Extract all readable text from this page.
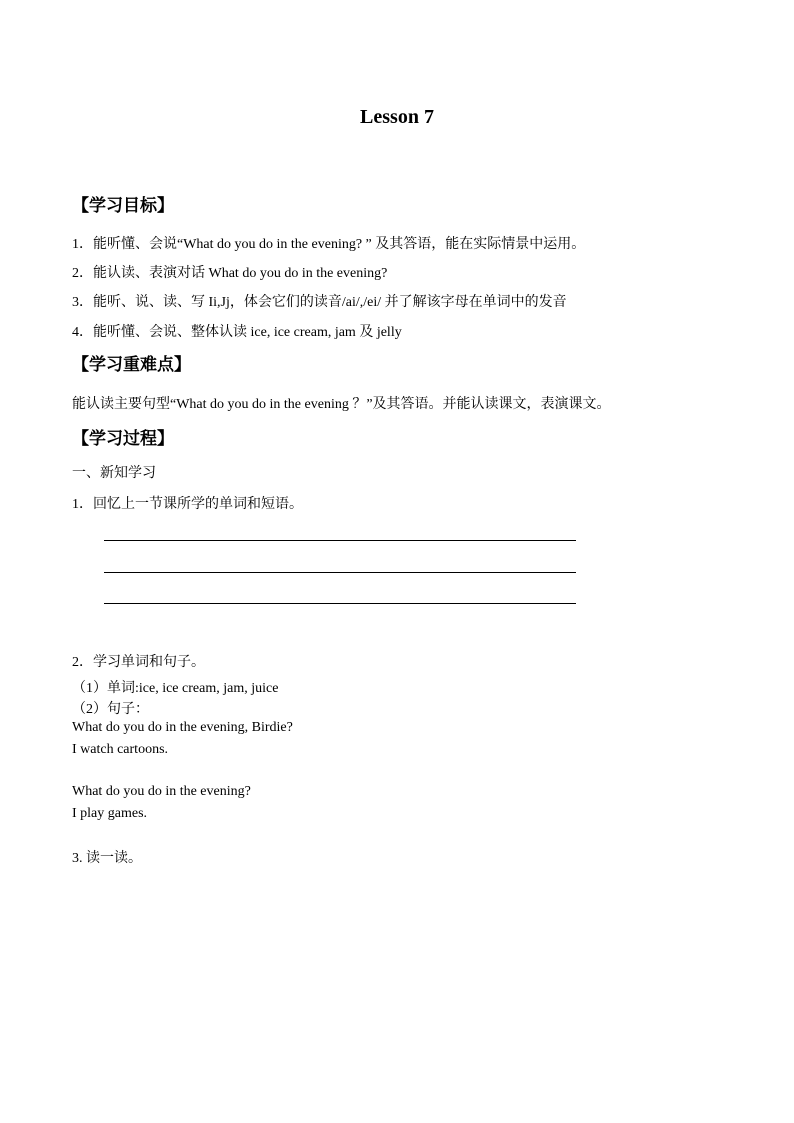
Lesson 7
【学习目标】
1．能听懂、会说“What do you do in the evening? ” 及其答语，能在实际情景中运用。
2．能认读、表演对话 What do you do in the evening?
3．能听、说、读、写 Ii,Jj，体会它们的读音/ai/,/ei/ 并了解该字母在单词中的发音
4．能听懂、会说、整体认读 ice, ice cream, jam 及 jelly
【学习重难点】
能认读主要句型“What do you do in the evening ？”及其答语。并能认读课文，表演课文。
【学习过程】
一、新知学习
1．回忆上一节课所学的单词和短语。
2．学习单词和句子。
（1）单词:ice, ice cream, jam, juice
（2）句子：
What do you do in the evening, Birdie?
I watch cartoons.
What do you do in the evening?
I play games.
3. 读一读。
